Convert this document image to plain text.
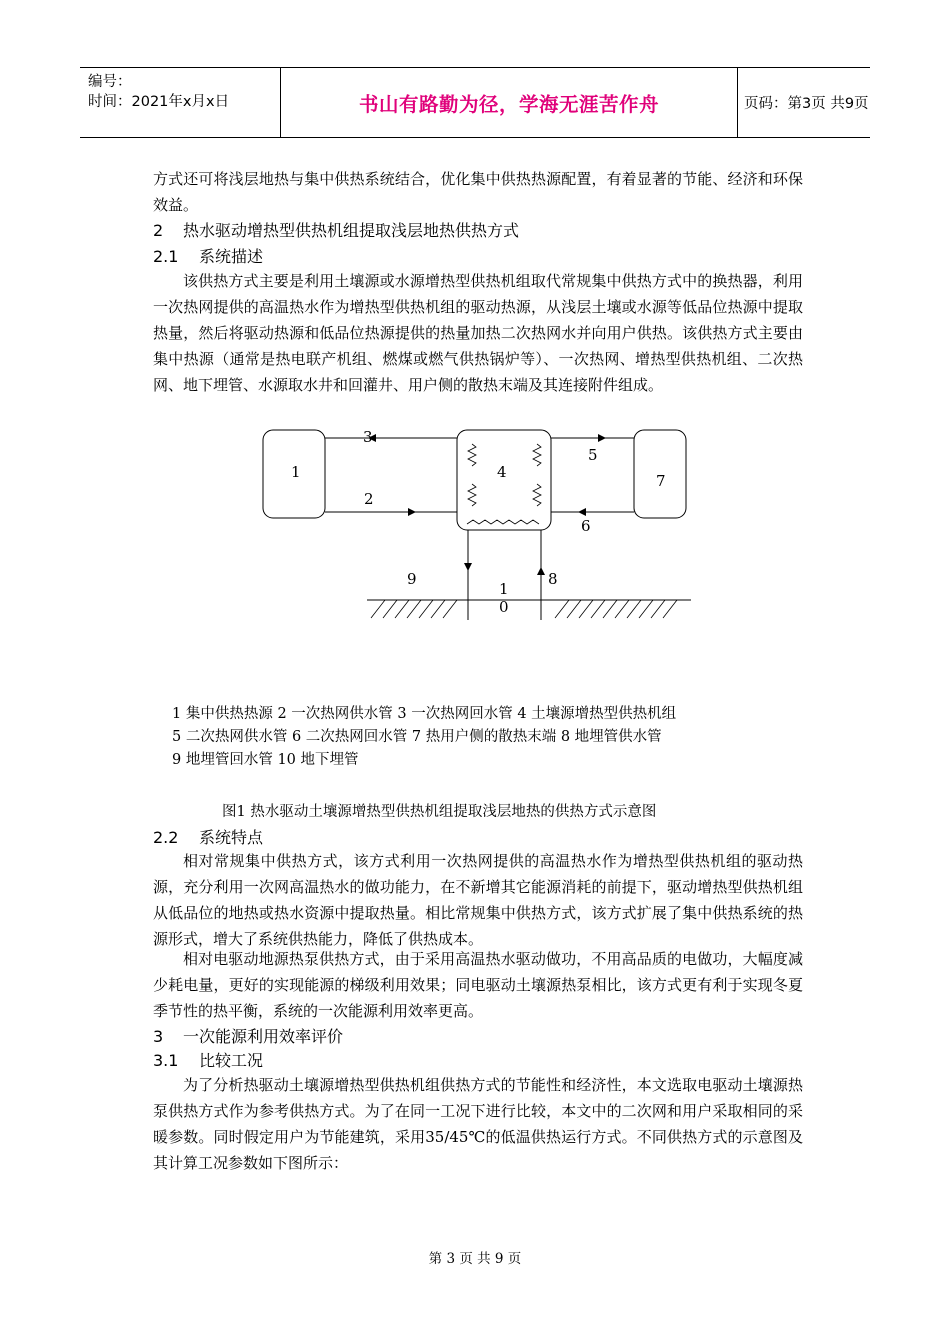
编号：
时间：2021年x月x日	书山有路勤为径，学海无涯苦作舟	页码：第3页 共9页
方式还可将浅层地热与集中供热系统结合，优化集中供热热源配置，有着显著的节能、经济和环保效益。
2 热水驱动增热型供热机组提取浅层地热供热方式
2.1 系统描述
该供热方式主要是利用土壤源或水源增热型供热机组取代常规集中供热方式中的换热器，利用一次热网提供的高温热水作为增热型供热机组的驱动热源，从浅层土壤或水源等低品位热源中提取热量，然后将驱动热源和低品位热源提供的热量加热二次热网水并向用户供热。该供热方式主要由集中热源（通常是热电联产机组、燃煤或燃气供热锅炉等）、一次热网、增热型供热机组、二次热网、地下埋管、水源取水井和回灌井、用户侧的散热末端及其连接附件组成。
1
2
3
4
5
6
7
8
9
1
0
1 集中供热热源 2 一次热网供水管 3 一次热网回水管 4 土壤源增热型供热机组
5 二次热网供水管 6 二次热网回水管 7 热用户侧的散热末端 8 地埋管供水管
9 地埋管回水管 10 地下埋管
图1 热水驱动土壤源增热型供热机组提取浅层地热的供热方式示意图
2.2 系统特点
相对常规集中供热方式，该方式利用一次热网提供的高温热水作为增热型供热机组的驱动热源，充分利用一次网高温热水的做功能力，在不新增其它能源消耗的前提下，驱动增热型供热机组从低品位的地热或热水资源中提取热量。相比常规集中供热方式，该方式扩展了集中供热系统的热源形式，增大了系统供热能力，降低了供热成本。
相对电驱动地源热泵供热方式，由于采用高温热水驱动做功，不用高品质的电做功，大幅度减少耗电量，更好的实现能源的梯级利用效果；同电驱动土壤源热泵相比，该方式更有利于实现冬夏季节性的热平衡，系统的一次能源利用效率更高。
3 一次能源利用效率评价
3.1 比较工况
为了分析热驱动土壤源增热型供热机组供热方式的节能性和经济性，本文选取电驱动土壤源热泵供热方式作为参考供热方式。为了在同一工况下进行比较，本文中的二次网和用户采取相同的采暖参数。同时假定用户为节能建筑，采用35/45℃的低温供热运行方式。不同供热方式的示意图及其计算工况参数如下图所示：
第 3 页 共 9 页
